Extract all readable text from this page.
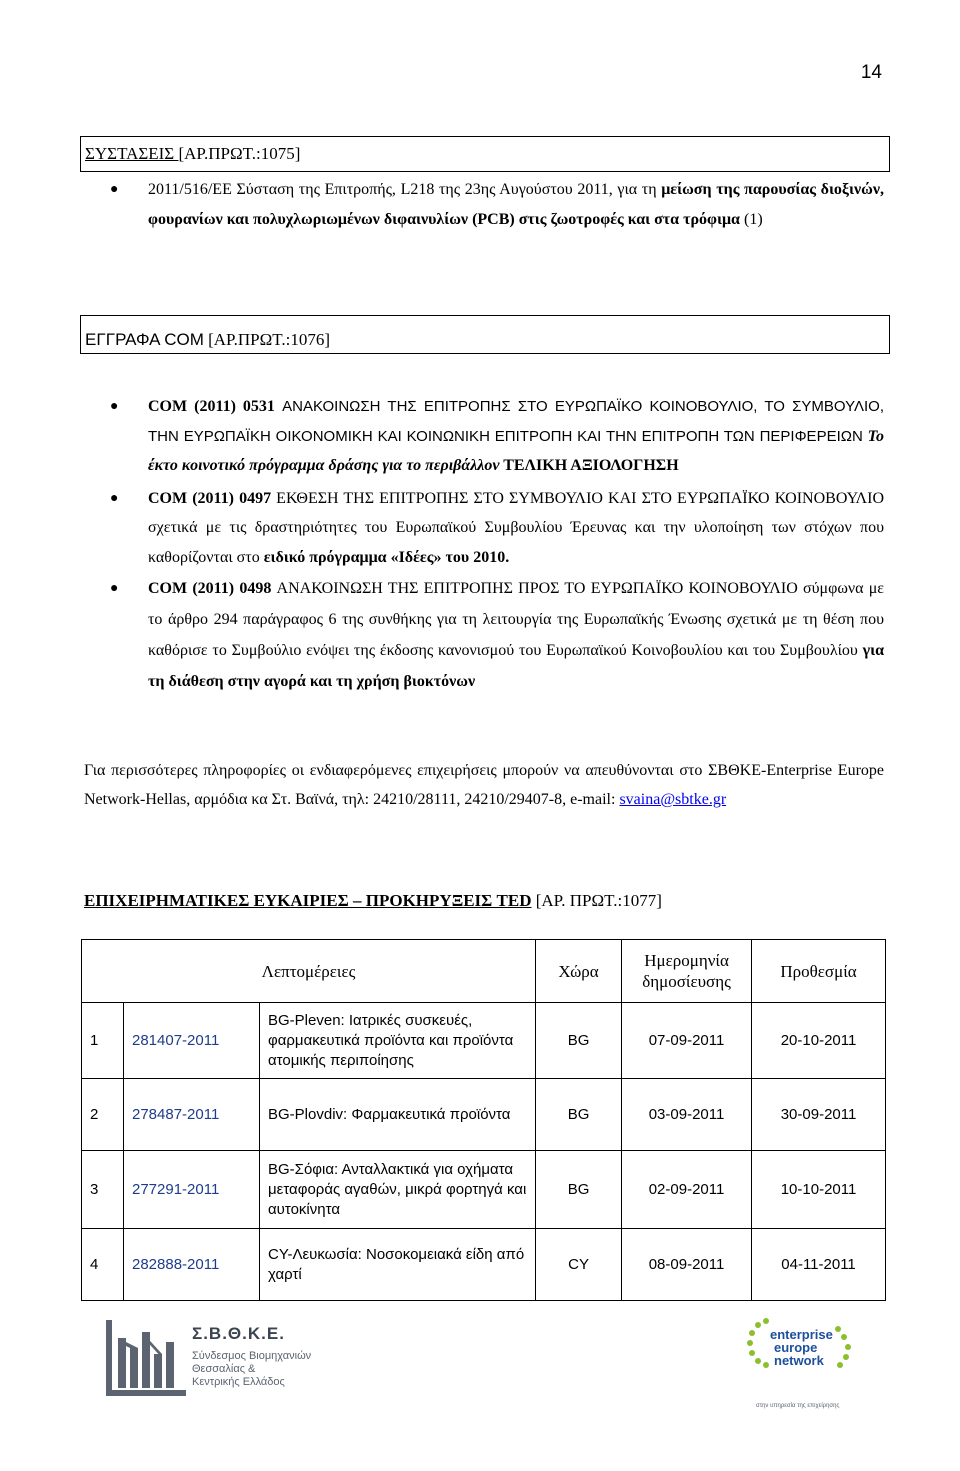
14
ΣΥΣΤΑΣΕΙΣ [ΑΡ.ΠΡΩΤ.:1075]
● 2011/516/ΕΕ Σύσταση της Επιτροπής, L218 της 23ης Αυγούστου 2011, για τη μείωση της παρουσίας διοξινών, φουρανίων και πολυχλωριωμένων διφαινυλίων (PCB) στις ζωοτροφές και στα τρόφιμα (1)
ΕΓΓΡΑΦΑ COM [ΑΡ.ΠΡΩΤ.:1076]
● COM (2011) 0531 ΑΝΑΚΟΙΝΩΣΗ ΤΗΣ ΕΠΙΤΡΟΠΗΣ ΣΤΟ ΕΥΡΩΠΑΪΚΟ ΚΟΙΝΟΒΟΥΛΙΟ, ΤΟ ΣΥΜΒΟΥΛΙΟ, ΤΗΝ ΕΥΡΩΠΑΪΚΗ ΟΙΚΟΝΟΜΙΚΗ ΚΑΙ ΚΟΙΝΩΝΙΚΗ ΕΠΙΤΡΟΠΗ ΚΑΙ ΤΗΝ ΕΠΙΤΡΟΠΗ ΤΩΝ ΠΕΡΙΦΕΡΕΙΩΝ Το έκτο κοινοτικό πρόγραμμα δράσης για το περιβάλλον ΤΕΛΙΚΗ ΑΞΙΟΛΟΓΗΣΗ
● COM (2011) 0497 ΕΚΘΕΣΗ ΤΗΣ ΕΠΙΤΡΟΠΗΣ ΣΤΟ ΣΥΜΒΟΥΛΙΟ ΚΑΙ ΣΤΟ ΕΥΡΩΠΑΪΚΟ ΚΟΙΝΟΒΟΥΛΙΟ σχετικά με τις δραστηριότητες του Ευρωπαϊκού Συμβουλίου Έρευνας και την υλοποίηση των στόχων που καθορίζονται στο ειδικό πρόγραμμα «Ιδέες» του 2010.
● COM (2011) 0498 ΑΝΑΚΟΙΝΩΣΗ ΤΗΣ ΕΠΙΤΡΟΠΗΣ ΠΡΟΣ ΤΟ ΕΥΡΩΠΑΪΚΟ ΚΟΙΝΟΒΟΥΛΙΟ σύμφωνα με το άρθρο 294 παράγραφος 6 της συνθήκης για τη λειτουργία της Ευρωπαϊκής Ένωσης σχετικά με τη θέση που καθόρισε το Συμβούλιο ενόψει της έκδοσης κανονισμού του Ευρωπαϊκού Κοινοβουλίου και του Συμβουλίου για τη διάθεση στην αγορά και τη χρήση βιοκτόνων
Για περισσότερες πληροφορίες οι ενδιαφερόμενες επιχειρήσεις μπορούν να απευθύνονται στο ΣΒΘΚΕ-Enterprise Europe Network-Hellas, αρμόδια κα Στ. Βαϊνά, τηλ: 24210/28111, 24210/29407-8, e-mail: svaina@sbtke.gr
ΕΠΙΧΕΙΡΗΜΑΤΙΚΕΣ ΕΥΚΑΙΡΙΕΣ – ΠΡΟΚΗΡΥΞΕΙΣ TED [ΑΡ. ΠΡΩΤ.:1077]
Λεπτομέρειες			Χώρα	Ημερομηνία δημοσίευσης	Προθεσμία
1	281407-2011	BG-Pleven: Ιατρικές συσκευές, φαρμακευτικά προϊόντα και προϊόντα ατομικής περιποίησης	BG	07-09-2011	20-10-2011
2	278487-2011	BG-Plovdiv: Φαρμακευτικά προϊόντα	BG	03-09-2011	30-09-2011
3	277291-2011	BG-Σόφια: Ανταλλακτικά για οχήματα μεταφοράς αγαθών, μικρά φορτηγά και αυτοκίνητα	BG	02-09-2011	10-10-2011
4	282888-2011	CY-Λευκωσία: Νοσοκομειακά είδη από χαρτί	CY	08-09-2011	04-11-2011
Σ.Β.Θ.Κ.Ε.
Σύνδεσμος Βιομηχανιών
Θεσσαλίας &
Κεντρικής Ελλάδος
enterprise
europe
network
στην υπηρεσία της επιχείρησης
